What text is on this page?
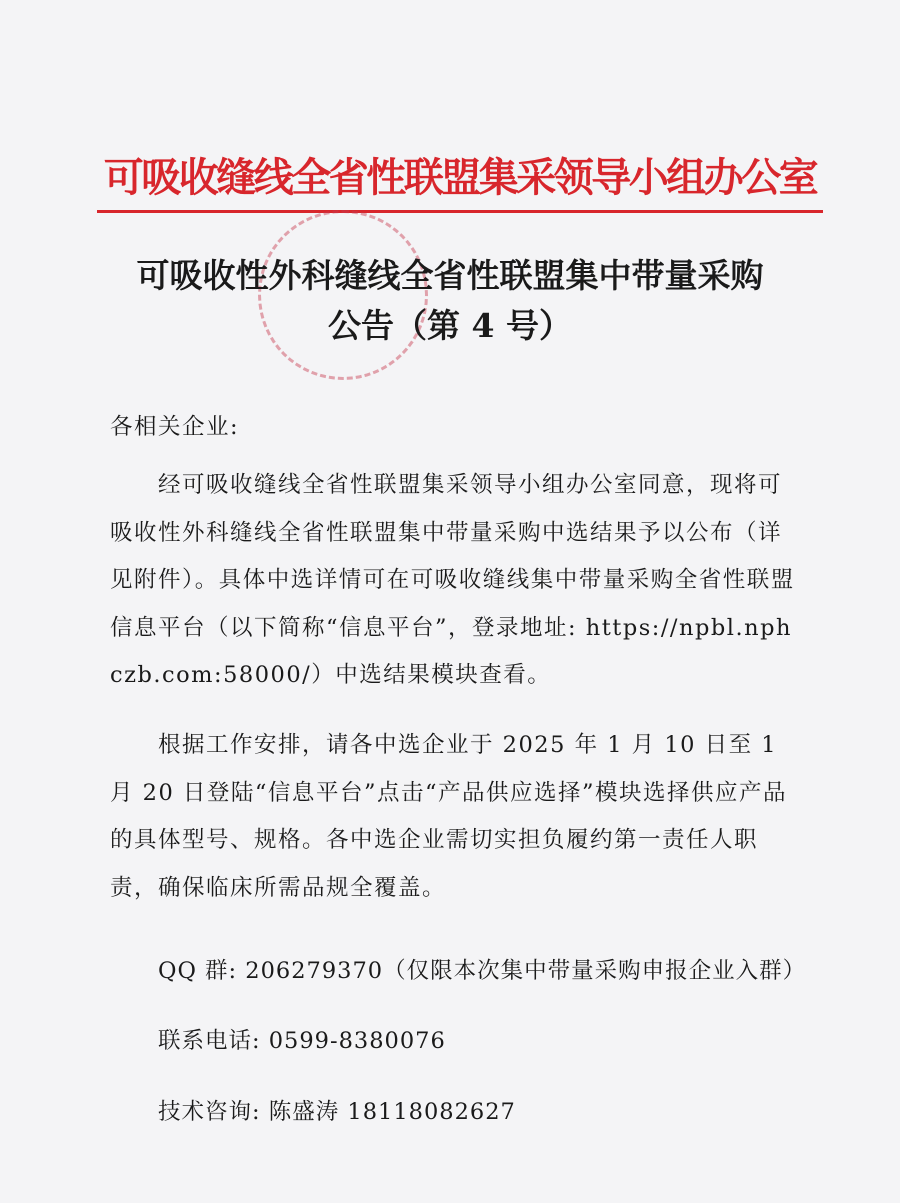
可吸收缝线全省性联盟集采领导小组办公室
可吸收性外科缝线全省性联盟集中带量采购
公告（第 4 号）
各相关企业:

经可吸收缝线全省性联盟集采领导小组办公室同意，现将可吸收性外科缝线全省性联盟集中带量采购中选结果予以公布（详见附件）。具体中选详情可在可吸收缝线集中带量采购全省性联盟信息平台（以下简称“信息平台”，登录地址: https://npbl.nphczb.com:58000/）中选结果模块查看。

根据工作安排，请各中选企业于 2025 年 1 月 10 日至 1 月 20 日登陆“信息平台”点击“产品供应选择”模块选择供应产品的具体型号、规格。各中选企业需切实担负履约第一责任人职责，确保临床所需品规全覆盖。

QQ 群: 206279370（仅限本次集中带量采购申报企业入群）
联系电话: 0599-8380076
技术咨询: 陈盛涛 18118082627
